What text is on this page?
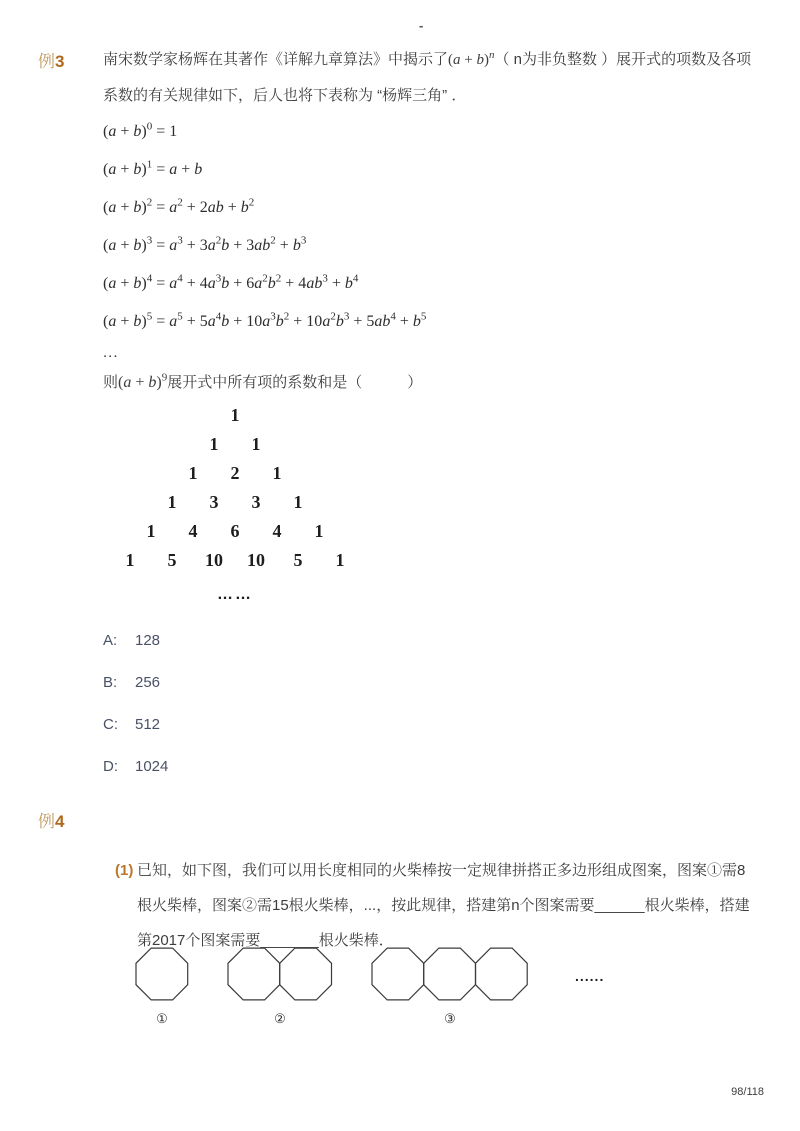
-
例3	南宋数学家杨辉在其著作《详解九章算法》中揭示了$(a + b)^n$（ n为非负整数 ）展开式的项数及各项
系数的有关规律如下，后人也将下表称为 “杨辉三角” ．
$(a + b)^0 = 1$
$(a + b)^1 = a + b$
$(a + b)^2 = a^2 + 2ab + b^2$
$(a + b)^3 = a^3 + 3a^2b + 3ab^2 + b^3$
$(a + b)^4 = a^4 + 4a^3b + 6a^2b^2 + 4ab^3 + b^4$
$(a + b)^5 = a^5 + 5a^4b + 10a^3b^2 + 10a^2b^3 + 5ab^4 + b^5$
...
则$(a + b)^9$展开式中所有项的系数和是（　　　）
1
1	1
1	2	1
1	3	3	1
1	4	6	4	1
1	5	10	10	5	1
……
A:	128
B:	256
C:	512
D:	1024
例4
(1) 已知，如下图，我们可以用长度相同的火柴棒按一定规律拼搭正多边形组成图案，图案①需8
根火柴棒，图案②需15根火柴棒，...，按此规律，搭建第n个图案需要______根火柴棒，搭建
第2017个图案需要_______根火柴棒．
①	②	③
......
98/118
